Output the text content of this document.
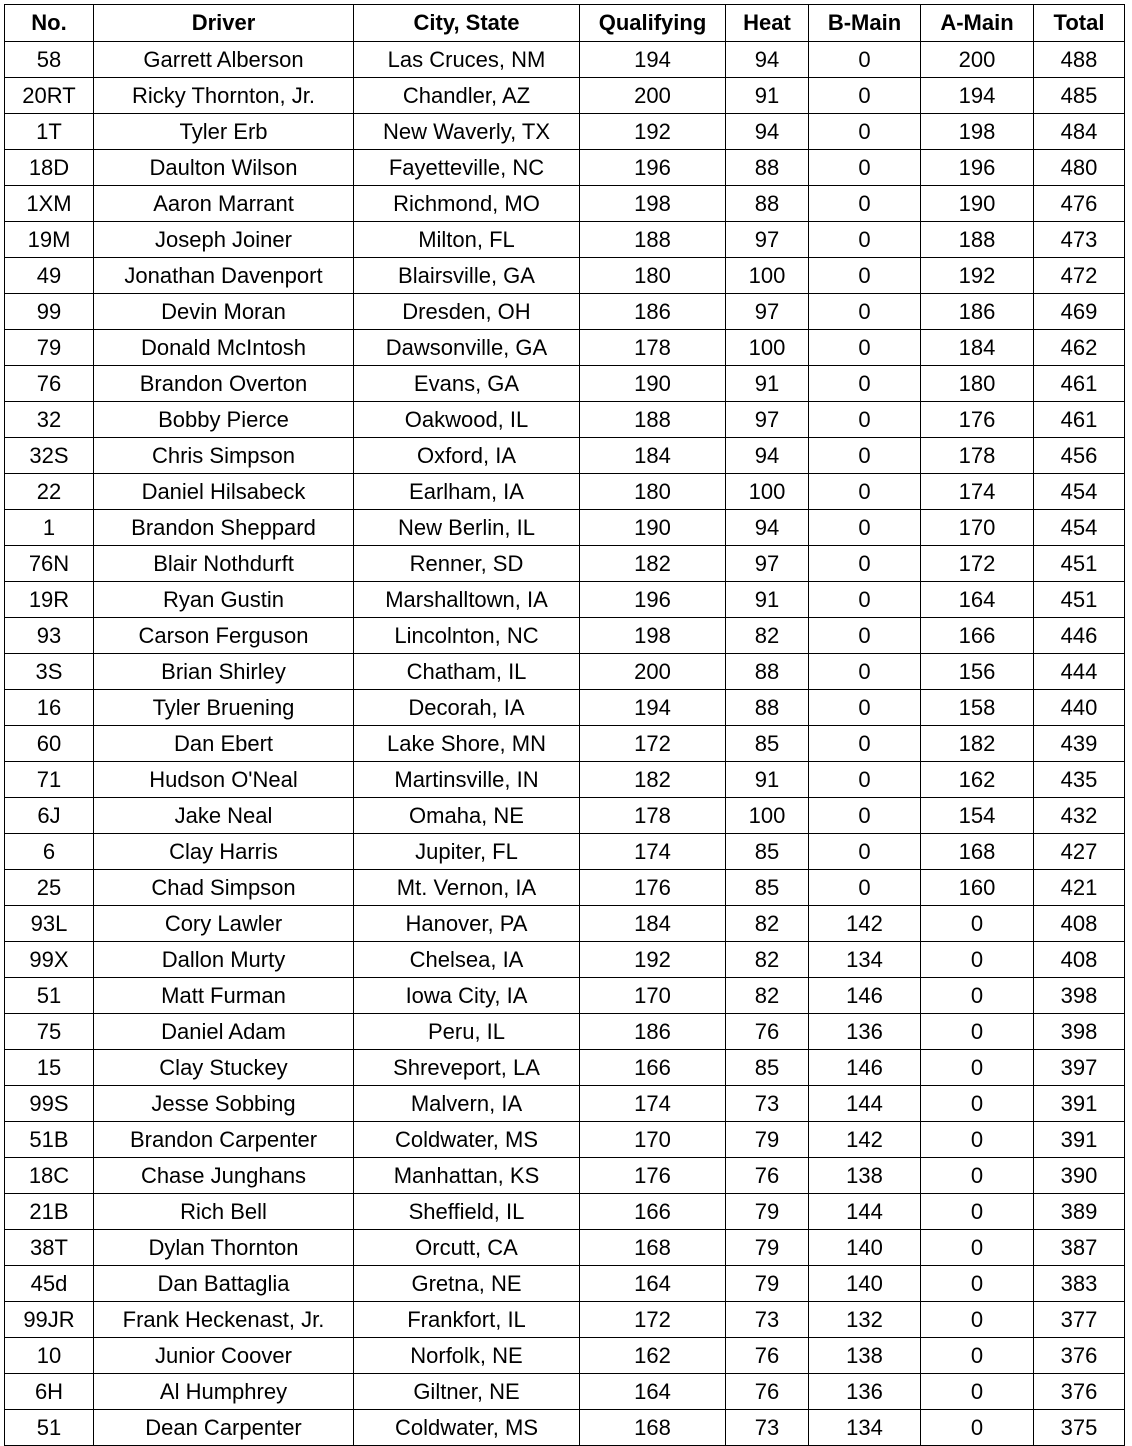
No.	Driver	City, State	Qualifying	Heat	B-Main	A-Main	Total
58	Garrett Alberson	Las Cruces, NM	194	94	0	200	488
20RT	Ricky Thornton, Jr.	Chandler, AZ	200	91	0	194	485
1T	Tyler Erb	New Waverly, TX	192	94	0	198	484
18D	Daulton Wilson	Fayetteville, NC	196	88	0	196	480
1XM	Aaron Marrant	Richmond, MO	198	88	0	190	476
19M	Joseph Joiner	Milton, FL	188	97	0	188	473
49	Jonathan Davenport	Blairsville, GA	180	100	0	192	472
99	Devin Moran	Dresden, OH	186	97	0	186	469
79	Donald McIntosh	Dawsonville, GA	178	100	0	184	462
76	Brandon Overton	Evans, GA	190	91	0	180	461
32	Bobby Pierce	Oakwood, IL	188	97	0	176	461
32S	Chris Simpson	Oxford, IA	184	94	0	178	456
22	Daniel Hilsabeck	Earlham, IA	180	100	0	174	454
1	Brandon Sheppard	New Berlin, IL	190	94	0	170	454
76N	Blair Nothdurft	Renner, SD	182	97	0	172	451
19R	Ryan Gustin	Marshalltown, IA	196	91	0	164	451
93	Carson Ferguson	Lincolnton, NC	198	82	0	166	446
3S	Brian Shirley	Chatham, IL	200	88	0	156	444
16	Tyler Bruening	Decorah, IA	194	88	0	158	440
60	Dan Ebert	Lake Shore, MN	172	85	0	182	439
71	Hudson O'Neal	Martinsville, IN	182	91	0	162	435
6J	Jake Neal	Omaha, NE	178	100	0	154	432
6	Clay Harris	Jupiter, FL	174	85	0	168	427
25	Chad Simpson	Mt. Vernon, IA	176	85	0	160	421
93L	Cory Lawler	Hanover, PA	184	82	142	0	408
99X	Dallon Murty	Chelsea, IA	192	82	134	0	408
51	Matt Furman	Iowa City, IA	170	82	146	0	398
75	Daniel Adam	Peru, IL	186	76	136	0	398
15	Clay Stuckey	Shreveport, LA	166	85	146	0	397
99S	Jesse Sobbing	Malvern, IA	174	73	144	0	391
51B	Brandon Carpenter	Coldwater, MS	170	79	142	0	391
18C	Chase Junghans	Manhattan, KS	176	76	138	0	390
21B	Rich Bell	Sheffield, IL	166	79	144	0	389
38T	Dylan Thornton	Orcutt, CA	168	79	140	0	387
45d	Dan Battaglia	Gretna, NE	164	79	140	0	383
99JR	Frank Heckenast, Jr.	Frankfort, IL	172	73	132	0	377
10	Junior Coover	Norfolk, NE	162	76	138	0	376
6H	Al Humphrey	Giltner, NE	164	76	136	0	376
51	Dean Carpenter	Coldwater, MS	168	73	134	0	375
